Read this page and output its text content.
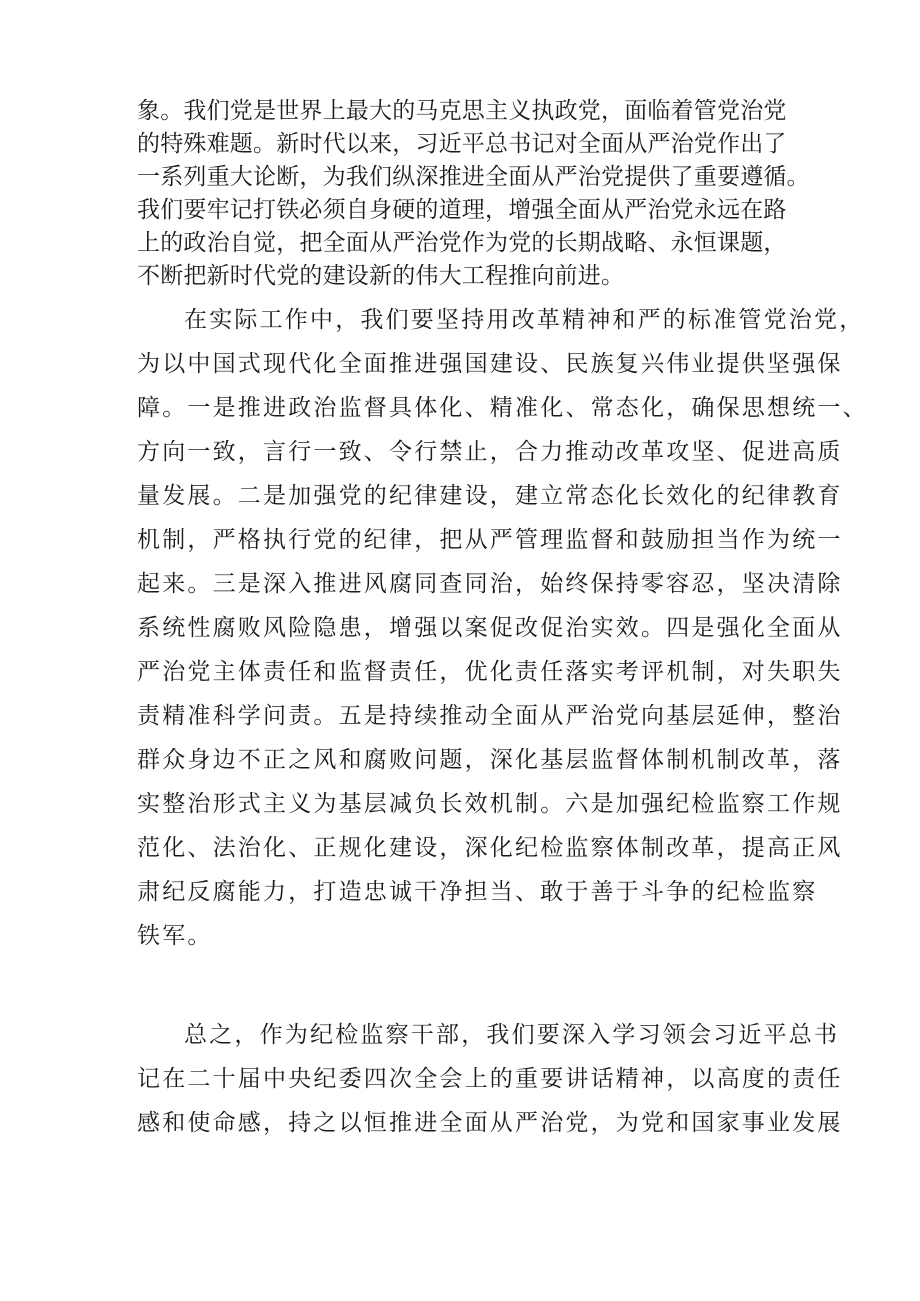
象。我们党是世界上最大的马克思主义执政党，面临着管党治党
的特殊难题。新时代以来，习近平总书记对全面从严治党作出了
一系列重大论断，为我们纵深推进全面从严治党提供了重要遵循。
我们要牢记打铁必须自身硬的道理，增强全面从严治党永远在路
上的政治自觉，把全面从严治党作为党的长期战略、永恒课题，
不断把新时代党的建设新的伟大工程推向前进。
在实际工作中，我们要坚持用改革精神和严的标准管党治党，
为以中国式现代化全面推进强国建设、民族复兴伟业提供坚强保
障。一是推进政治监督具体化、精准化、常态化，确保思想统一、
方向一致，言行一致、令行禁止，合力推动改革攻坚、促进高质
量发展。二是加强党的纪律建设，建立常态化长效化的纪律教育
机制，严格执行党的纪律，把从严管理监督和鼓励担当作为统一
起来。三是深入推进风腐同查同治，始终保持零容忍，坚决清除
系统性腐败风险隐患，增强以案促改促治实效。四是强化全面从
严治党主体责任和监督责任，优化责任落实考评机制，对失职失
责精准科学问责。五是持续推动全面从严治党向基层延伸，整治
群众身边不正之风和腐败问题，深化基层监督体制机制改革，落
实整治形式主义为基层减负长效机制。六是加强纪检监察工作规
范化、法治化、正规化建设，深化纪检监察体制改革，提高正风
肃纪反腐能力，打造忠诚干净担当、敢于善于斗争的纪检监察
铁军。
总之，作为纪检监察干部，我们要深入学习领会习近平总书
记在二十届中央纪委四次全会上的重要讲话精神，以高度的责任
感和使命感，持之以恒推进全面从严治党，为党和国家事业发展
